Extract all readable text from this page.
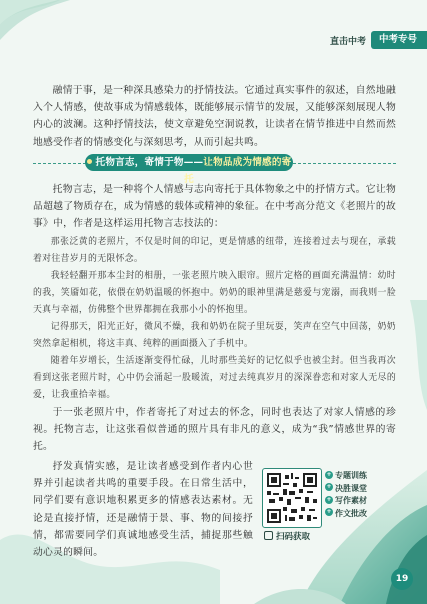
直击中考	中考专号

融情于事，是一种深具感染力的抒情技法。它通过真实事件的叙述，自然地融入个人情感，使故事成为情感载体，既能够展示情节的发展，又能够深刻展现人物内心的波澜。这种抒情技法，使文章避免空洞说教，让读者在情节推进中自然而然地感受作者的情感变化与深刻思考，从而引起共鸣。

托物言志，寄情于物——让物品成为情感的寄托

托物言志，是一种将个人情感与志向寄托于具体物象之中的抒情方式。它让物品超越了物质存在，成为情感的载体或精神的象征。在中考高分范文《老照片的故事》中，作者是这样运用托物言志技法的：

那张泛黄的老照片，不仅是时间的印记，更是情感的纽带，连接着过去与现在，承载着对往昔岁月的无限怀念。

我轻轻翻开那本尘封的相册，一张老照片映入眼帘。照片定格的画面充满温情：幼时的我，笑靥如花，依偎在奶奶温暖的怀抱中。奶奶的眼神里满是慈爱与宠溺，而我则一脸天真与幸福，仿佛整个世界都拥在我那小小的怀抱里。

记得那天，阳光正好，微风不燥，我和奶奶在院子里玩耍，笑声在空气中回荡，奶奶突然拿起相机，将这丰真、纯粹的画面摄入了手机中。

随着年岁增长，生活逐渐变得忙碌，儿时那些美好的记忆似乎也被尘封。但当我再次看到这张老照片时，心中仍会涌起一股暖流，对过去纯真岁月的深深眷恋和对家人无尽的爱，让我重拾幸福。

于一张老照片中，作者寄托了对过去的怀念，同时也表达了对家人情感的珍视。托物言志，让这张看似普通的照片具有非凡的意义，成为“我”情感世界的寄托。

抒发真情实感，是让读者感受到作者内心世界并引起读者共鸣的重要手段。在日常生活中，同学们要有意识地积累更多的情感表达素材。无论是直接抒情，还是融情于景、事、物的间接抒情，都需要同学们真诚地感受生活，捕捉那些触动心灵的瞬间。

+ 专题训练
+ 决胜课堂
+ 写作素材
+ 作文批改
扫码获取
19
